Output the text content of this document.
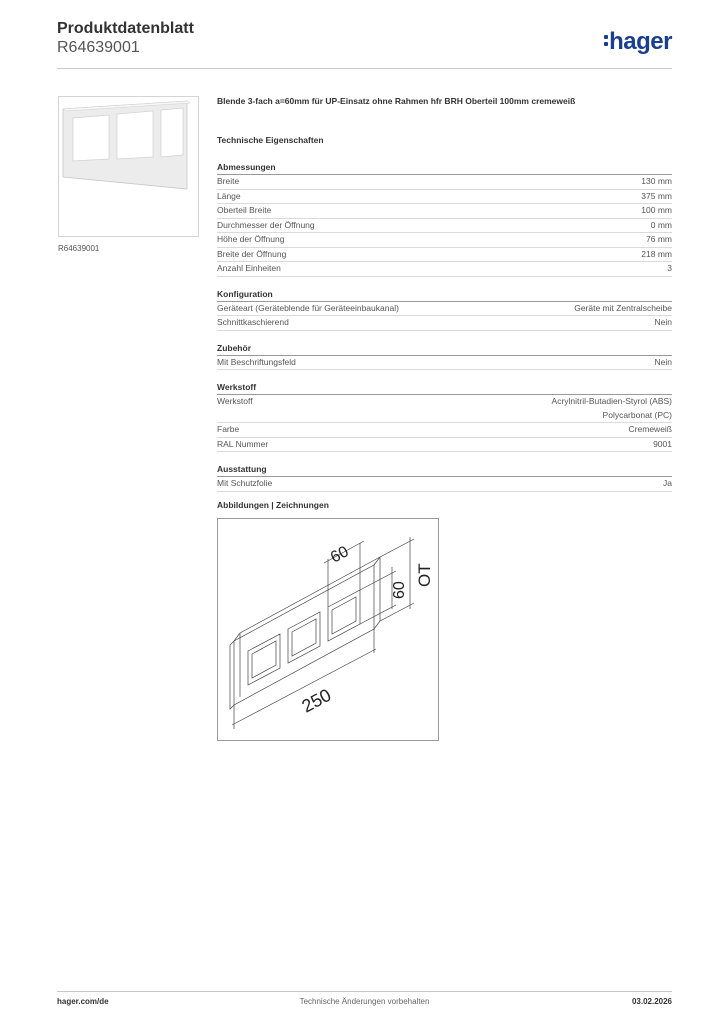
Produktdatenblatt
R64639001	hager
R64639001

Blende 3-fach a=60mm für UP-Einsatz ohne Rahmen hfr BRH Oberteil 100mm cremeweiß

Technische Eigenschaften
Abmessungen
Breite	130 mm
Länge	375 mm
Oberteil Breite	100 mm
Durchmesser der Öffnung	0 mm
Höhe der Öffnung	76 mm
Breite der Öffnung	218 mm
Anzahl Einheiten	3
Konfiguration
Geräteart (Geräteblende für Geräteeinbaukanal)	Geräte mit Zentralscheibe
Schnittkaschierend	Nein
Zubehör
Mit Beschriftungsfeld	Nein
Werkstoff
Werkstoff	Acrylnitril-Butadien-Styrol (ABS)
Polycarbonat (PC)
Farbe	Cremeweiß
RAL Nummer	9001
Ausstattung
Mit Schutzfolie	Ja
Abbildungen | Zeichnungen
60
60
OT
250
hager.com/de	Technische Änderungen vorbehalten	03.02.2026
